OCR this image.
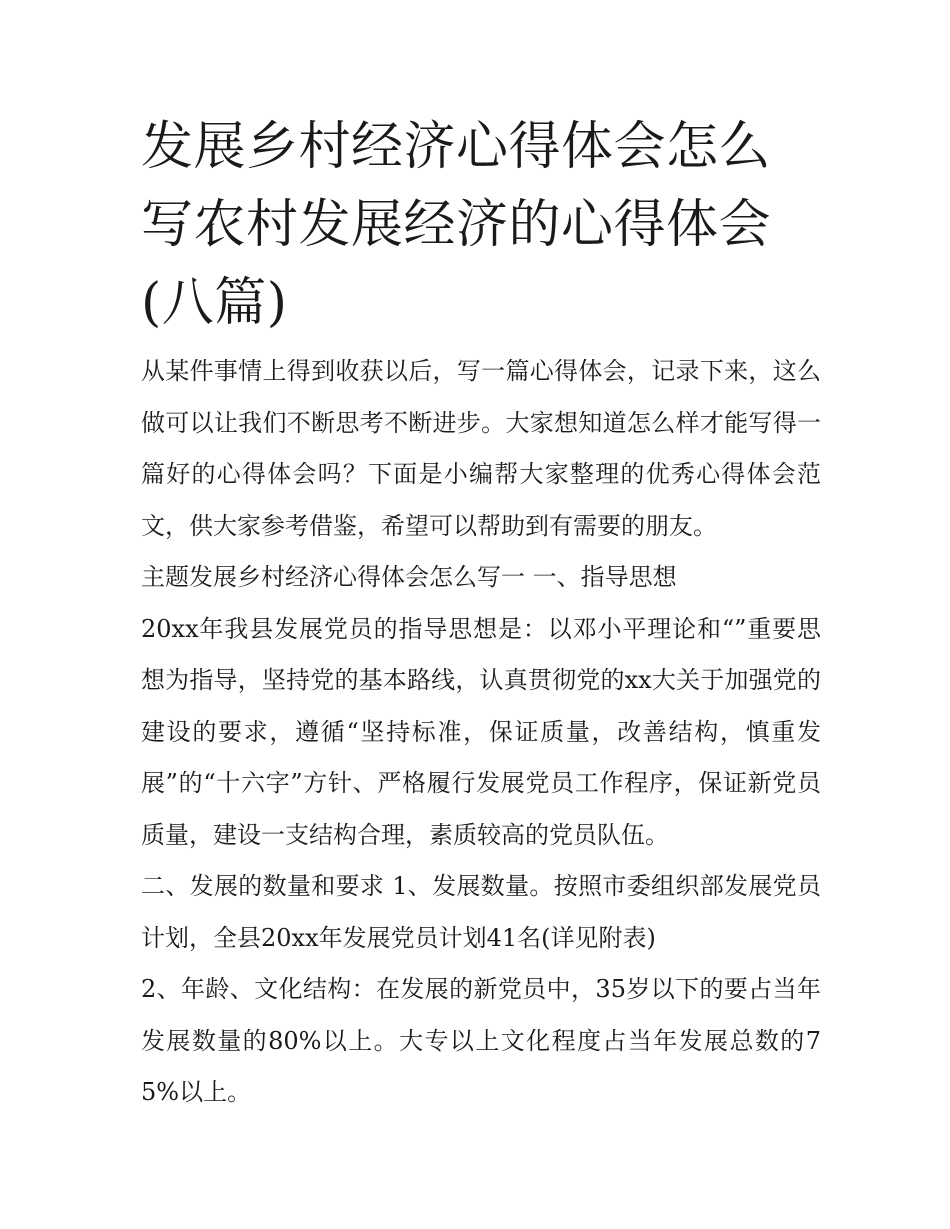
发展乡村经济心得体会怎么写农村发展经济的心得体会(八篇)

从某件事情上得到收获以后，写一篇心得体会，记录下来，这么做可以让我们不断思考不断进步。大家想知道怎么样才能写得一篇好的心得体会吗？下面是小编帮大家整理的优秀心得体会范文，供大家参考借鉴，希望可以帮助到有需要的朋友。

主题发展乡村经济心得体会怎么写一 一、指导思想

20xx年我县发展党员的指导思想是：以邓小平理论和“”重要思想为指导，坚持党的基本路线，认真贯彻党的xx大关于加强党的建设的要求，遵循“坚持标准，保证质量，改善结构，慎重发展”的“十六字”方针、严格履行发展党员工作程序，保证新党员质量，建设一支结构合理，素质较高的党员队伍。

二、发展的数量和要求 1、发展数量。按照市委组织部发展党员计划，全县20xx年发展党员计划41名(详见附表)

2、年龄、文化结构：在发展的新党员中，35岁以下的要占当年发展数量的80%以上。大专以上文化程度占当年发展总数的75%以上。
